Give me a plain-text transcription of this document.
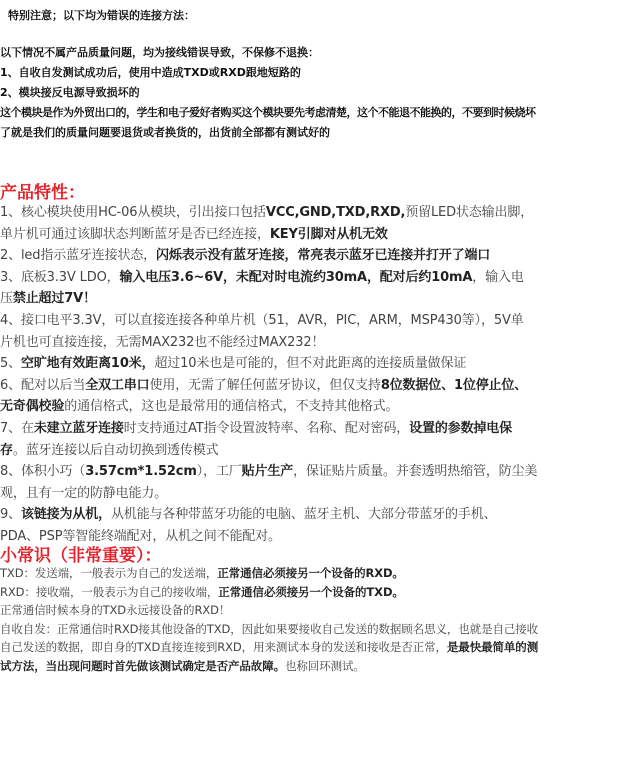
特别注意；以下均为错误的连接方法：
以下情况不属产品质量问题，均为接线错误导致，不保修不退换：
1、自收自发测试成功后，使用中造成TXD或RXD跟地短路的
2、模块接反电源导致损坏的
这个模块是作为外贸出口的，学生和电子爱好者购买这个模块要先考虑清楚，这个不能退不能换的，不要到时候烧坏
了就是我们的质量问题要退货或者换货的，出货前全部都有测试好的
产品特性：
1、核心模块使用HC-06从模块，引出接口包括VCC,GND,TXD,RXD,预留LED状态输出脚，
单片机可通过该脚状态判断蓝牙是否已经连接，KEY引脚对从机无效
2、led指示蓝牙连接状态，闪烁表示没有蓝牙连接，常亮表示蓝牙已连接并打开了端口
3、底板3.3V LDO，输入电压3.6~6V，未配对时电流约30mA，配对后约10mA，输入电
压禁止超过7V！
4、接口电平3.3V，可以直接连接各种单片机（51，AVR，PIC，ARM，MSP430等），5V单
片机也可直接连接，无需MAX232也不能经过MAX232！
5、空旷地有效距离10米，超过10米也是可能的，但不对此距离的连接质量做保证
6、配对以后当全双工串口使用，无需了解任何蓝牙协议，但仅支持8位数据位、1位停止位、
无奇偶校验的通信格式，这也是最常用的通信格式，不支持其他格式。
7、在未建立蓝牙连接时支持通过AT指令设置波特率、名称、配对密码，设置的参数掉电保
存。蓝牙连接以后自动切换到透传模式
8、体积小巧（3.57cm*1.52cm），工厂贴片生产，保证贴片质量。并套透明热缩管，防尘美
观，且有一定的防静电能力。
9、该链接为从机，从机能与各种带蓝牙功能的电脑、蓝牙主机、大部分带蓝牙的手机、
PDA、PSP等智能终端配对，从机之间不能配对。
小常识（非常重要）：
TXD：发送端，一般表示为自己的发送端，正常通信必须接另一个设备的RXD。
RXD：接收端，一般表示为自己的接收端，正常通信必须接另一个设备的TXD。
正常通信时候本身的TXD永远接设备的RXD！
自收自发：正常通信时RXD接其他设备的TXD，因此如果要接收自己发送的数据顾名思义，也就是自己接收
自己发送的数据，即自身的TXD直接连接到RXD，用来测试本身的发送和接收是否正常，是最快最简单的测
试方法，当出现问题时首先做该测试确定是否产品故障。也称回环测试。
